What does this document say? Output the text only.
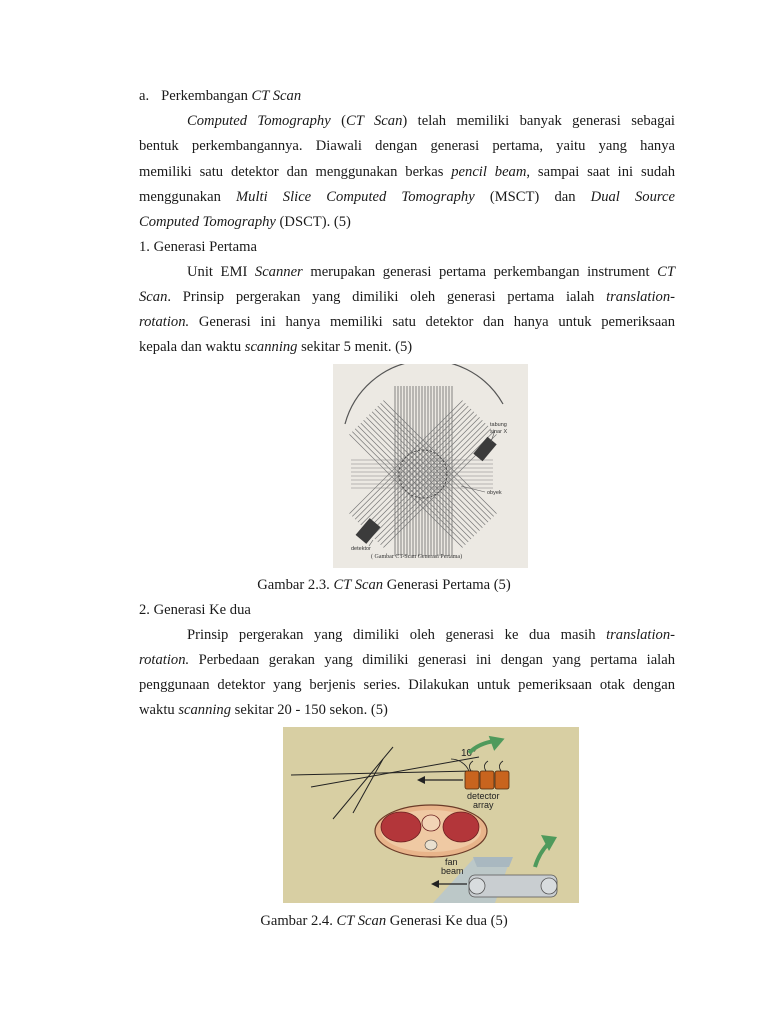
a. Perkembangan CT Scan
Computed Tomography (CT Scan) telah memiliki banyak generasi sebagai
bentuk perkembangannya. Diawali dengan generasi pertama, yaitu yang hanya
memiliki satu detektor dan menggunakan berkas pencil beam, sampai saat ini sudah
menggunakan Multi Slice Computed Tomography (MSCT) dan Dual Source
Computed Tomography (DSCT). (5)
1. Generasi Pertama
Unit EMI Scanner merupakan generasi pertama perkembangan instrument CT
Scan. Prinsip pergerakan yang dimiliki oleh generasi pertama ialah translation-
rotation. Generasi ini hanya memiliki satu detektor dan hanya untuk pemeriksaan
kepala dan waktu scanning sekitar 5 menit. (5)
tabung
sinar X
obyek
detektor
( Gambar CT-Scan Generasi Pertama)
Gambar 2.3. CT Scan Generasi Pertama (5)
2. Generasi Ke dua
Prinsip pergerakan yang dimiliki oleh generasi ke dua masih translation-
rotation. Perbedaan gerakan yang dimiliki generasi ini dengan yang pertama ialah
penggunaan detektor yang berjenis series. Dilakukan untuk pemeriksaan otak dengan
waktu scanning sekitar 20 - 150 sekon. (5)
10°
detector
array
fan
beam
Gambar 2.4. CT Scan Generasi Ke dua (5)
